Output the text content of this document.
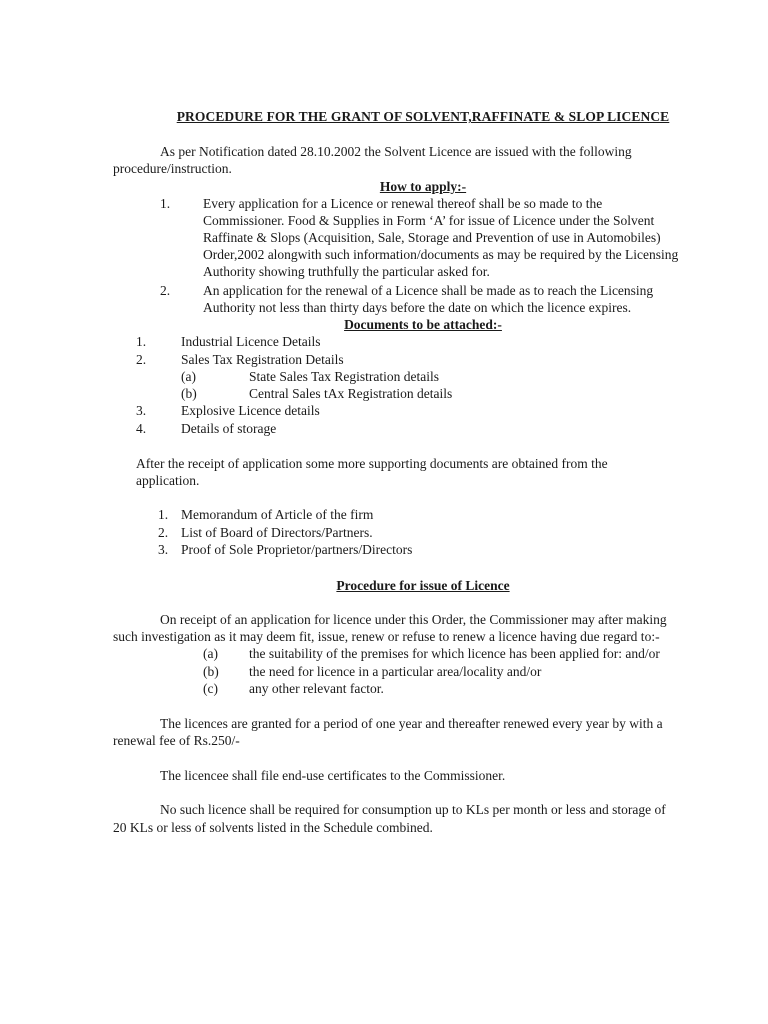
PROCEDURE FOR THE GRANT OF SOLVENT,RAFFINATE & SLOP LICENCE
As per Notification dated 28.10.2002 the Solvent Licence are issued with the following
procedure/instruction.
How to apply:-
1. Every application for a Licence or renewal thereof shall be so made to the
Commissioner. Food & Supplies in Form ‘A’ for issue of Licence under the Solvent
Raffinate & Slops (Acquisition, Sale, Storage and Prevention of use in Automobiles)
Order,2002 alongwith such information/documents as may be required by the Licensing
Authority showing truthfully the particular asked for.
2. An application for the renewal of a Licence shall be made as to reach the Licensing
Authority not less than thirty days before the date on which the licence expires.
Documents to be attached:-
1.	Industrial Licence Details
2.	Sales Tax Registration Details
(a)	State Sales Tax Registration details
(b)	Central Sales tAx Registration details
3.	Explosive Licence details
4.	Details of storage
After the receipt of application some more supporting documents are obtained from the
application.
1. Memorandum of Article of the firm
2. List of Board of Directors/Partners.
3. Proof of Sole Proprietor/partners/Directors
Procedure for issue of Licence
On receipt of an application for licence under this Order, the Commissioner may after making
such investigation as it may deem fit, issue, renew or refuse to renew a licence having due regard to:-
(a) the suitability of the premises for which licence has been applied for: and/or
(b) the need for licence in a particular area/locality and/or
(c) any other relevant factor.
The licences are granted for a period of one year and thereafter renewed every year by with a
renewal fee of Rs.250/-
The licencee shall file end-use certificates to the Commissioner.
No such licence shall be required for consumption up to KLs per month or less and storage of
20 KLs or less of solvents listed in the Schedule combined.
